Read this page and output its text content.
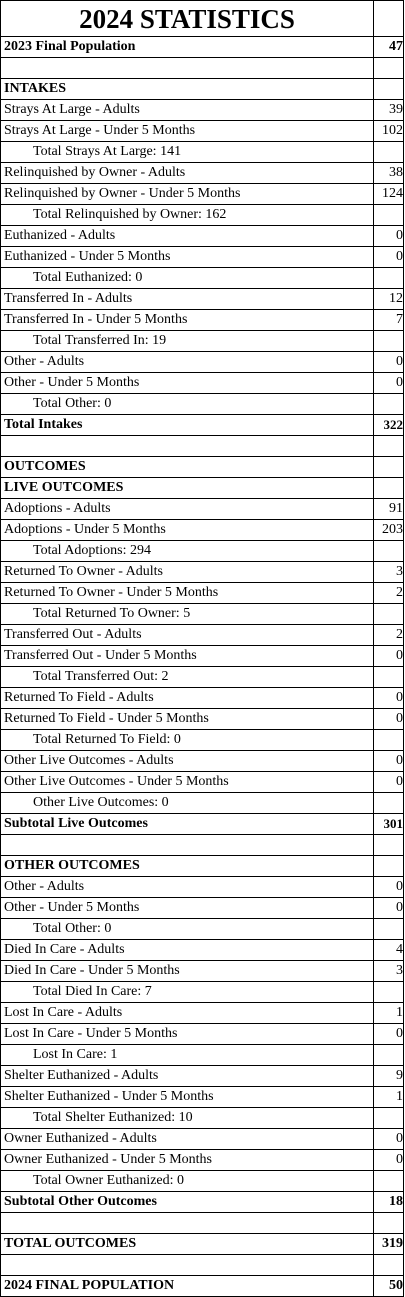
2024 STATISTICS
2023 Final Population	47
INTAKES
Strays At Large - Adults	39
Strays At Large - Under 5 Months	102
Total Strays At Large: 141
Relinquished by Owner - Adults	38
Relinquished by Owner - Under 5 Months	124
Total Relinquished by Owner: 162
Euthanized - Adults	0
Euthanized - Under 5 Months	0
Total Euthanized: 0
Transferred In - Adults	12
Transferred In - Under 5 Months	7
Total Transferred In: 19
Other - Adults	0
Other - Under 5 Months	0
Total Other: 0
Total Intakes	322
OUTCOMES
LIVE OUTCOMES
Adoptions - Adults	91
Adoptions - Under 5 Months	203
Total Adoptions: 294
Returned To Owner - Adults	3
Returned To Owner - Under 5 Months	2
Total Returned To Owner: 5
Transferred Out - Adults	2
Transferred Out - Under 5 Months	0
Total Transferred Out: 2
Returned To Field - Adults	0
Returned To Field - Under 5 Months	0
Total Returned To Field: 0
Other Live Outcomes - Adults	0
Other Live Outcomes - Under 5 Months	0
Other Live Outcomes: 0
Subtotal Live Outcomes	301
OTHER OUTCOMES
Other - Adults	0
Other - Under 5 Months	0
Total Other: 0
Died In Care - Adults	4
Died In Care - Under 5 Months	3
Total Died In Care: 7
Lost In Care - Adults	1
Lost In Care - Under 5 Months	0
Lost In Care: 1
Shelter Euthanized - Adults	9
Shelter Euthanized - Under 5 Months	1
Total Shelter Euthanized: 10
Owner Euthanized - Adults	0
Owner Euthanized - Under 5 Months	0
Total Owner Euthanized: 0
Subtotal Other Outcomes	18
TOTAL OUTCOMES	319
2024 FINAL POPULATION	50
